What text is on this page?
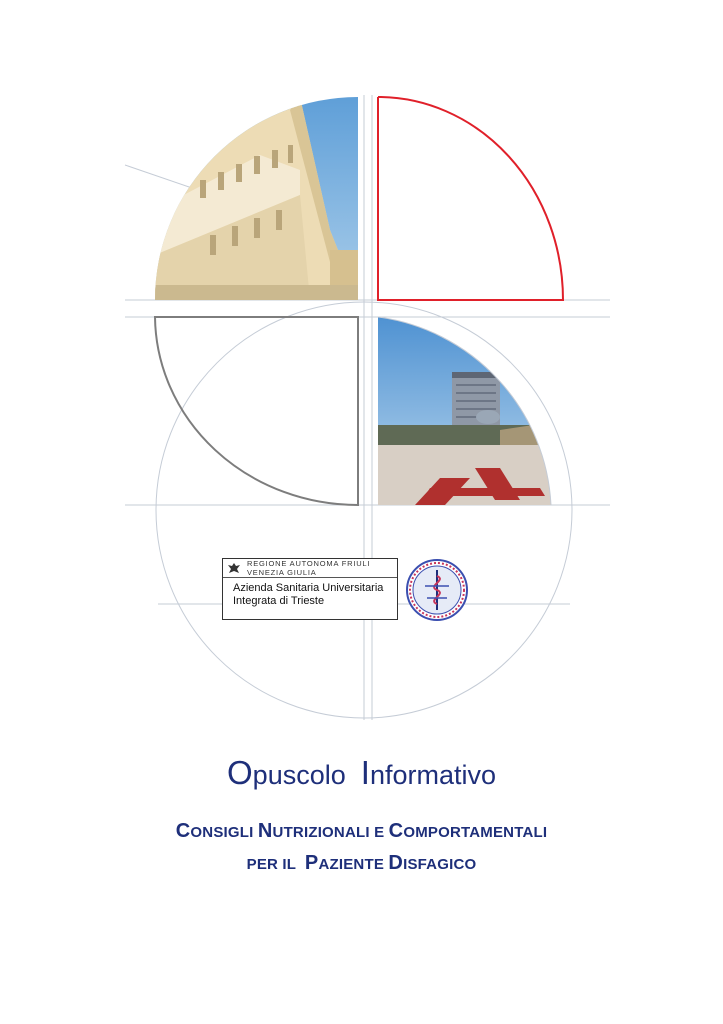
REGIONE AUTONOMA FRIULI VENEZIA GIULIA
Azienda Sanitaria Universitaria
Integrata di Trieste
Opuscolo Informativo
CONSIGLI NUTRIZIONALI E COMPORTAMENTALI
PER IL PAZIENTE DISFAGICO
